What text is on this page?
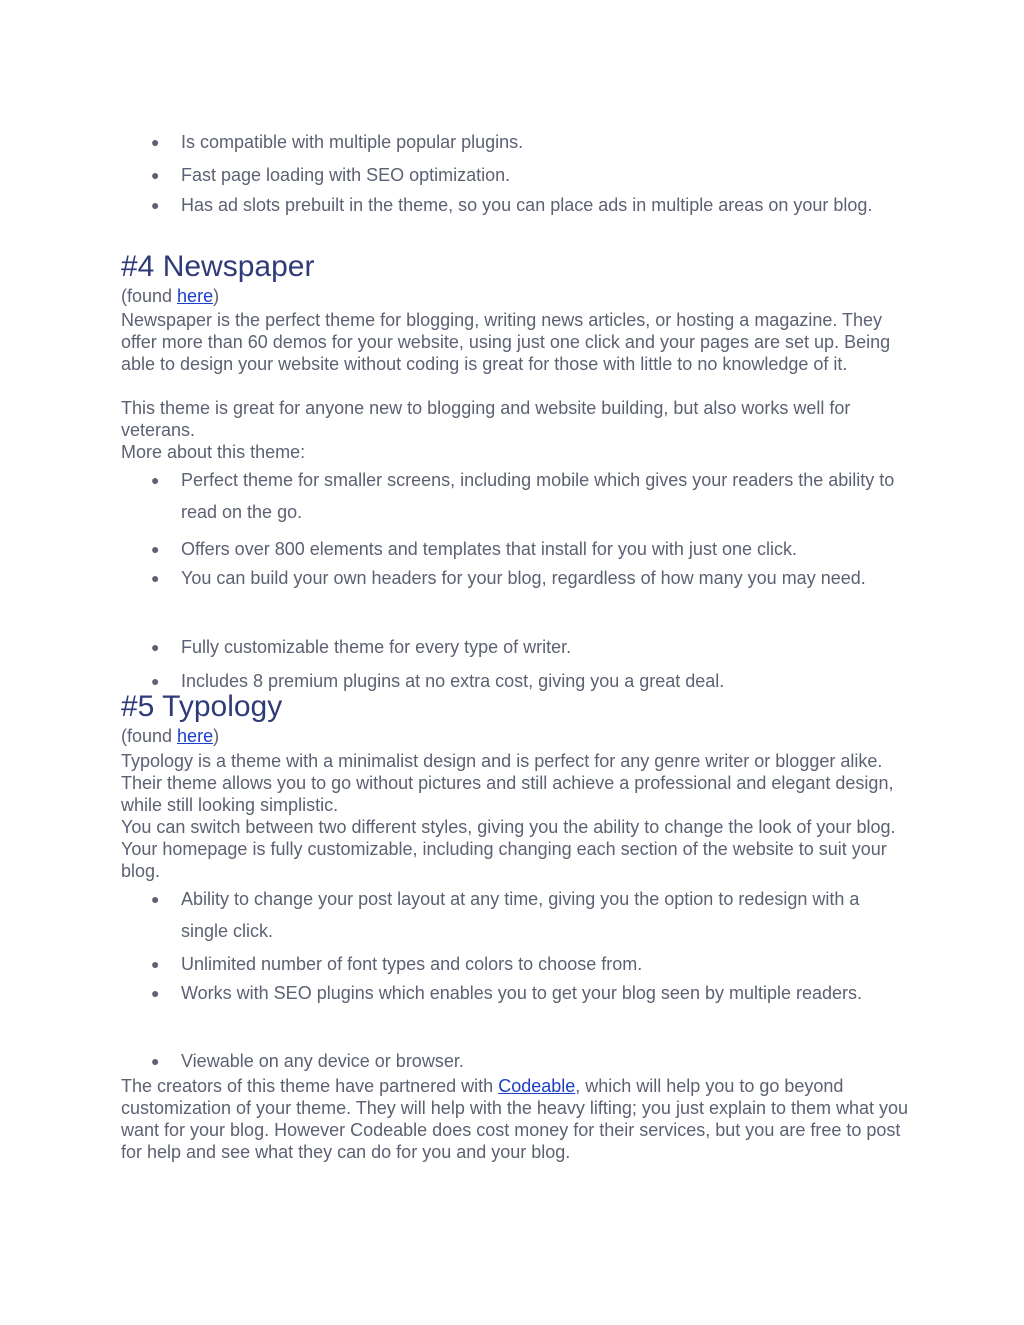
● Is compatible with multiple popular plugins.
● Fast page loading with SEO optimization.
● Has ad slots prebuilt in the theme, so you can place ads in multiple areas on your blog.
#4 Newspaper
(found here)
Newspaper is the perfect theme for blogging, writing news articles, or hosting a magazine. They offer more than 60 demos for your website, using just one click and your pages are set up. Being able to design your website without coding is great for those with little to no knowledge of it.
This theme is great for anyone new to blogging and website building, but also works well for veterans.
More about this theme:
● Perfect theme for smaller screens, including mobile which gives your readers the ability to read on the go.
● Offers over 800 elements and templates that install for you with just one click.
● You can build your own headers for your blog, regardless of how many you may need.
● Fully customizable theme for every type of writer.
● Includes 8 premium plugins at no extra cost, giving you a great deal.
#5 Typology
(found here)
Typology is a theme with a minimalist design and is perfect for any genre writer or blogger alike. Their theme allows you to go without pictures and still achieve a professional and elegant design, while still looking simplistic.
You can switch between two different styles, giving you the ability to change the look of your blog. Your homepage is fully customizable, including changing each section of the website to suit your blog.
● Ability to change your post layout at any time, giving you the option to redesign with a single click.
● Unlimited number of font types and colors to choose from.
● Works with SEO plugins which enables you to get your blog seen by multiple readers.
● Viewable on any device or browser.
The creators of this theme have partnered with Codeable, which will help you to go beyond customization of your theme. They will help with the heavy lifting; you just explain to them what you want for your blog. However Codeable does cost money for their services, but you are free to post for help and see what they can do for you and your blog.
